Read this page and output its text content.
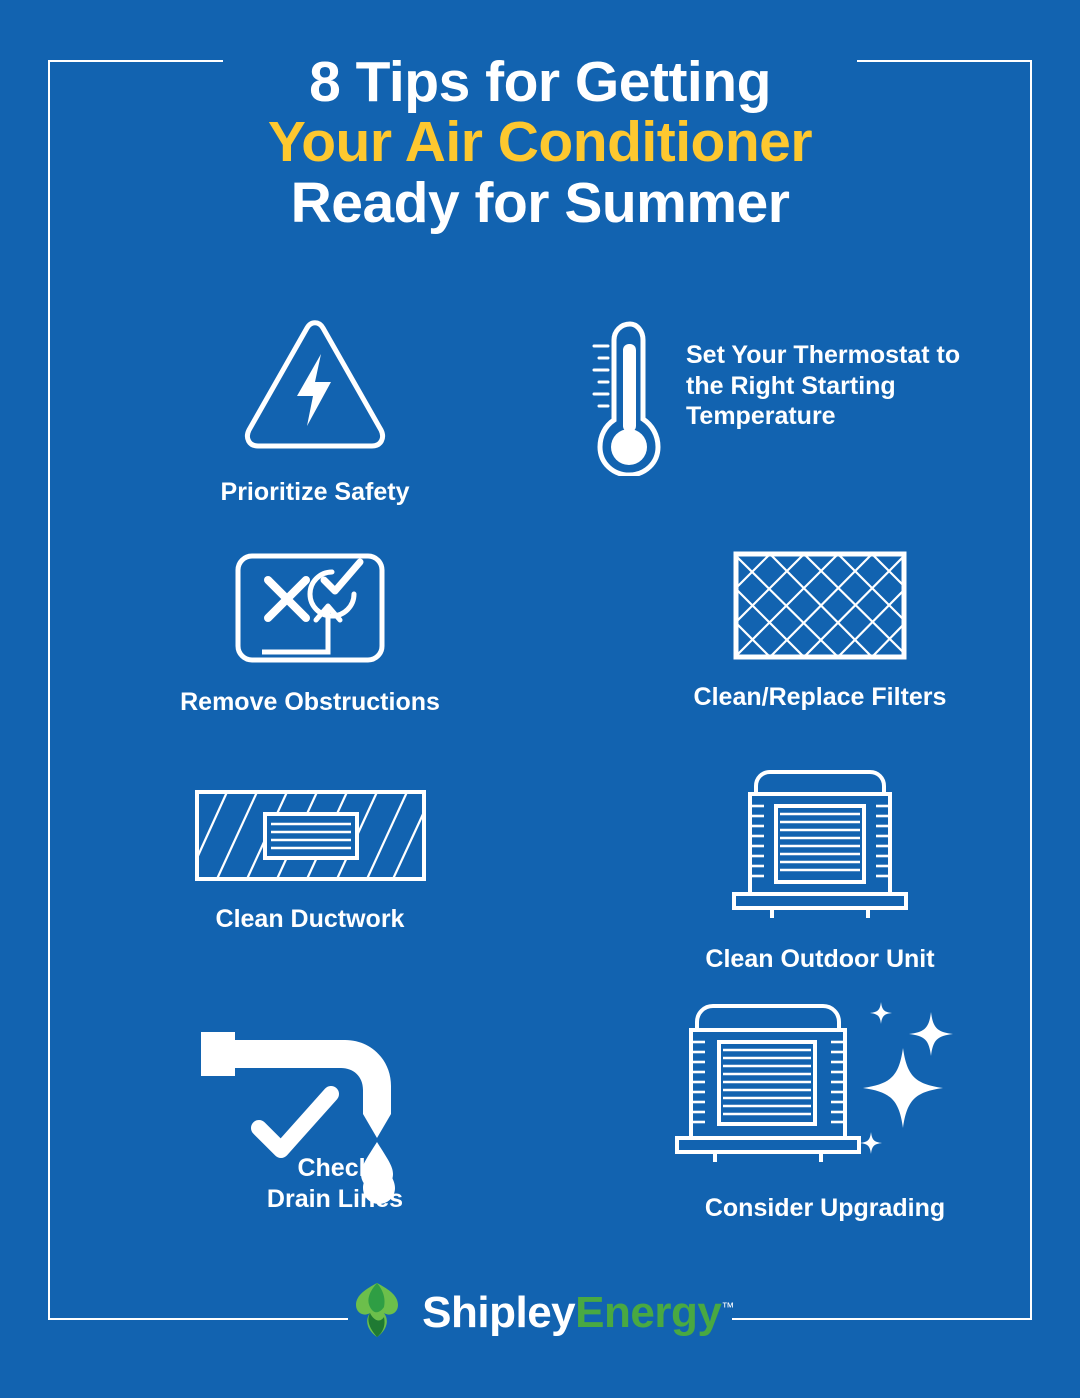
8 Tips for Getting
Your Air Conditioner
Ready for Summer
Prioritize Safety
Set Your Thermostat to the Right Starting Temperature
Remove Obstructions	Clean/Replace Filters
Clean Ductwork
Clean Outdoor Unit
Check
Drain Lines	Consider Upgrading
ShipleyEnergy™
